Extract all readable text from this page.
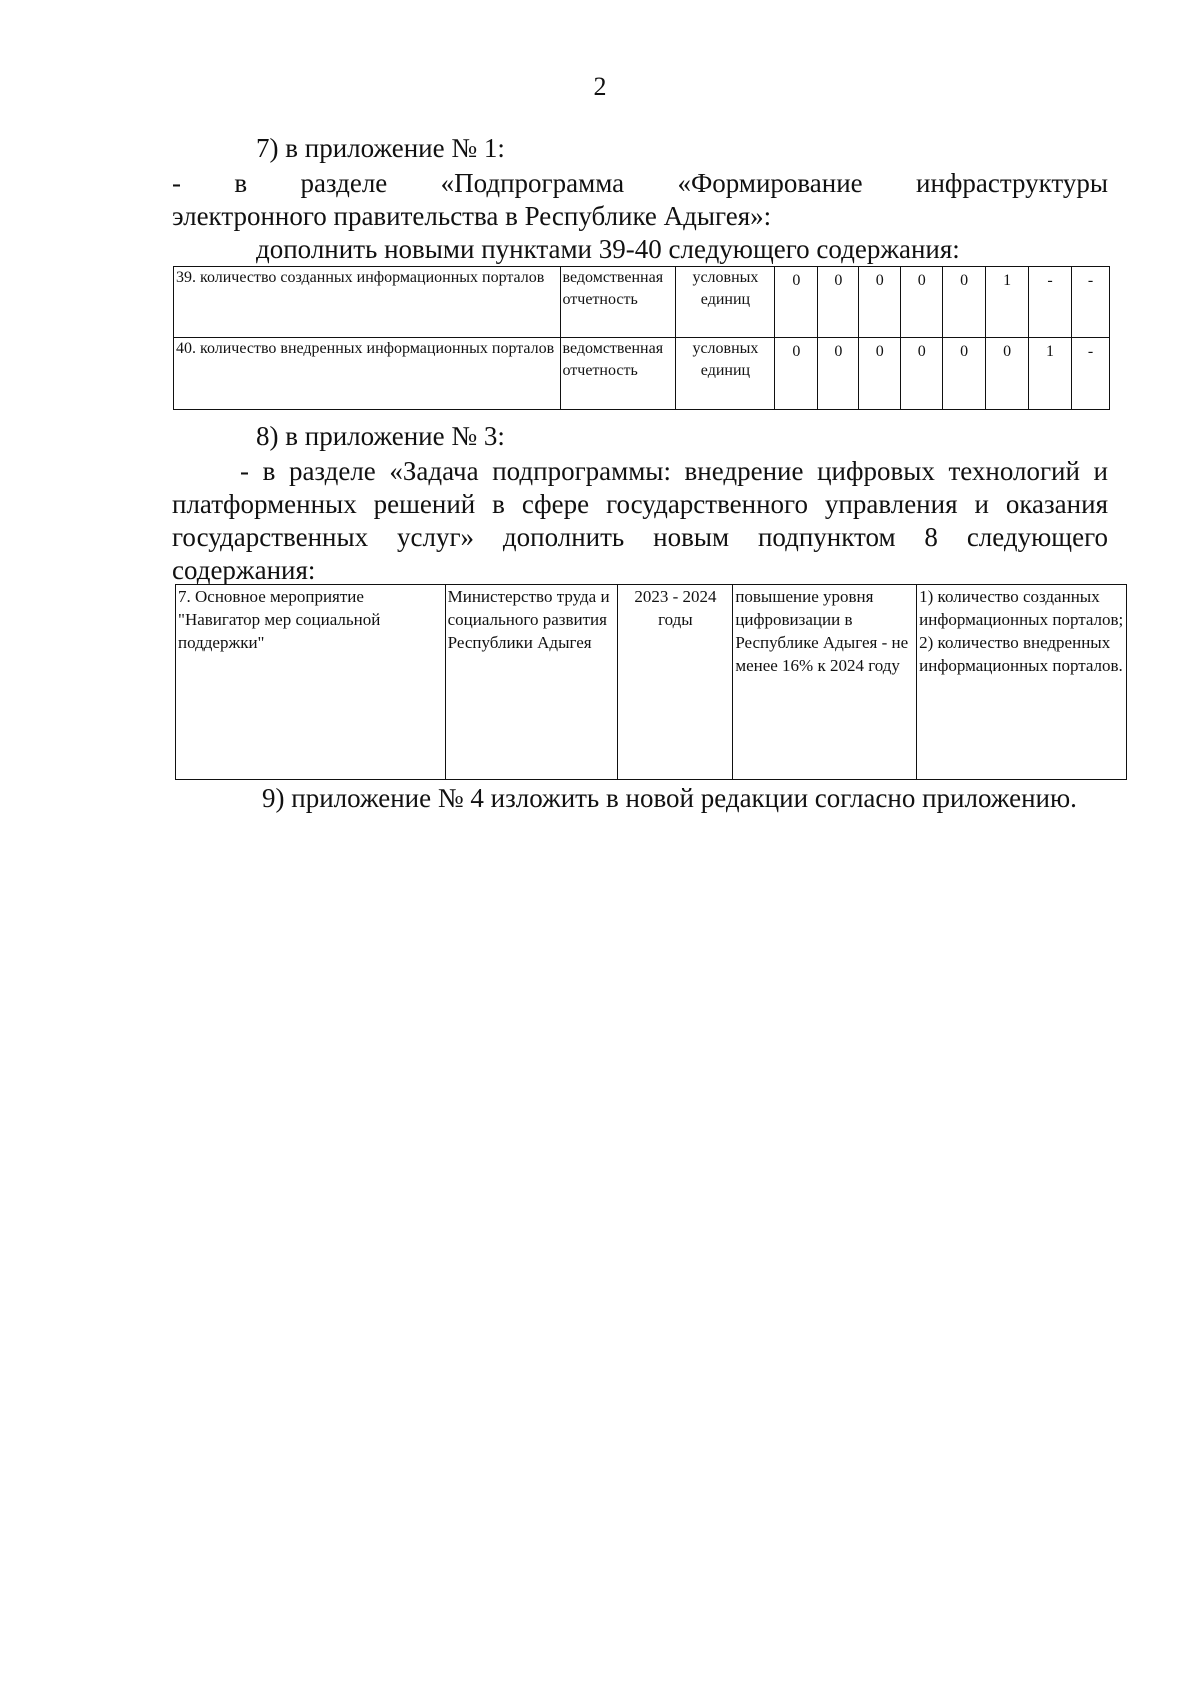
2
7) в приложение № 1:
- в разделе «Подпрограмма «Формирование инфраструктуры
электронного правительства в Республике Адыгея»:
дополнить новыми пунктами 39-40 следующего содержания:
39. количество созданных информационных порталов	ведомственная отчетность	условных единиц	0	0	0	0	0	1	-	-
40. количество внедренных информационных порталов	ведомственная отчетность	условных единиц	0	0	0	0	0	0	1	-
8) в приложение № 3:
- в разделе «Задача подпрограммы: внедрение цифровых технологий и
платформенных решений в сфере государственного управления и оказания
государственных услуг» дополнить новым подпунктом 8 следующего
содержания:
7. Основное мероприятие "Навигатор мер социальной поддержки"	Министерство труда и социального развития Республики Адыгея	2023 - 2024 годы	повышение уровня цифровизации в Республике Адыгея - не менее 16% к 2024 году	1) количество созданных информационных порталов; 2) количество внедренных информационных порталов.
9) приложение № 4 изложить в новой редакции согласно приложению.
